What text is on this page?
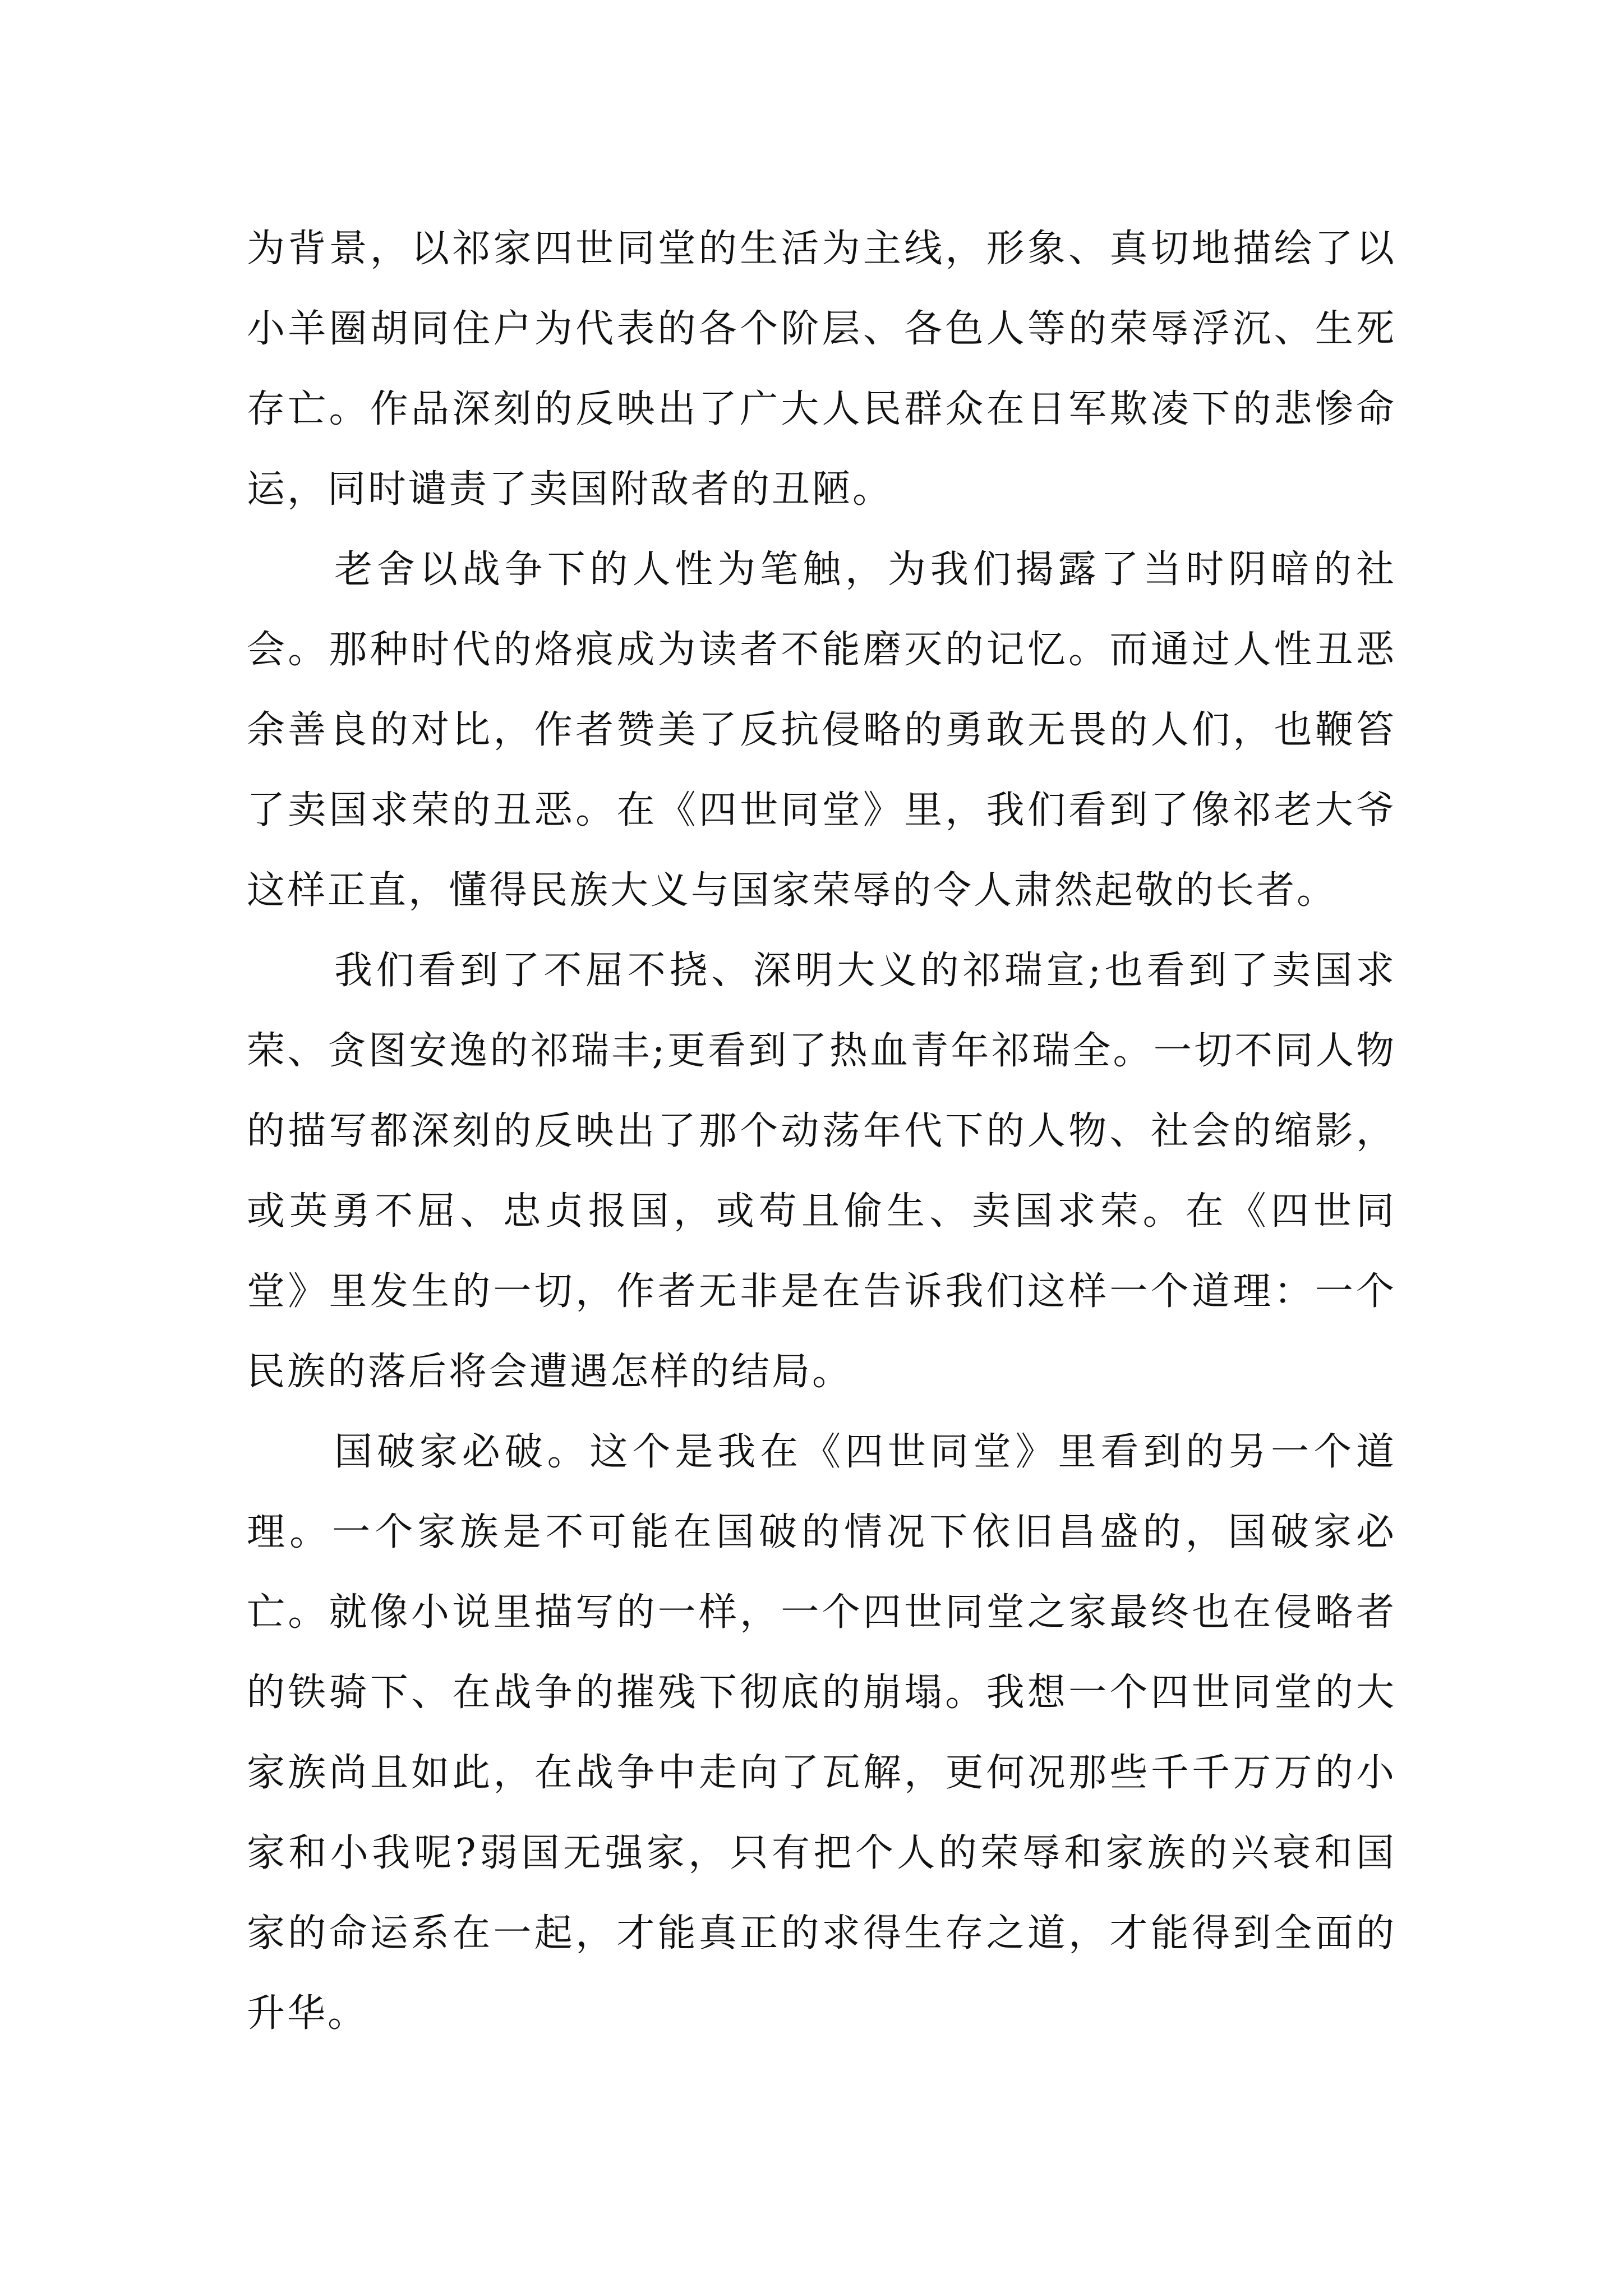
为背景，以祁家四世同堂的生活为主线，形象、真切地描绘了以小羊圈胡同住户为代表的各个阶层、各色人等的荣辱浮沉、生死存亡。作品深刻的反映出了广大人民群众在日军欺凌下的悲惨命运，同时谴责了卖国附敌者的丑陋。

老舍以战争下的人性为笔触，为我们揭露了当时阴暗的社会。那种时代的烙痕成为读者不能磨灭的记忆。而通过人性丑恶余善良的对比，作者赞美了反抗侵略的勇敢无畏的人们，也鞭笞了卖国求荣的丑恶。在《四世同堂》里，我们看到了像祁老大爷这样正直，懂得民族大义与国家荣辱的令人肃然起敬的长者。

我们看到了不屈不挠、深明大义的祁瑞宣;也看到了卖国求荣、贪图安逸的祁瑞丰;更看到了热血青年祁瑞全。一切不同人物的描写都深刻的反映出了那个动荡年代下的人物、社会的缩影，或英勇不屈、忠贞报国，或苟且偷生、卖国求荣。在《四世同堂》里发生的一切，作者无非是在告诉我们这样一个道理：一个民族的落后将会遭遇怎样的结局。

国破家必破。这个是我在《四世同堂》里看到的另一个道理。一个家族是不可能在国破的情况下依旧昌盛的，国破家必亡。就像小说里描写的一样，一个四世同堂之家最终也在侵略者的铁骑下、在战争的摧残下彻底的崩塌。我想一个四世同堂的大家族尚且如此，在战争中走向了瓦解，更何况那些千千万万的小家和小我呢?弱国无强家，只有把个人的荣辱和家族的兴衰和国家的命运系在一起，才能真正的求得生存之道，才能得到全面的升华。
